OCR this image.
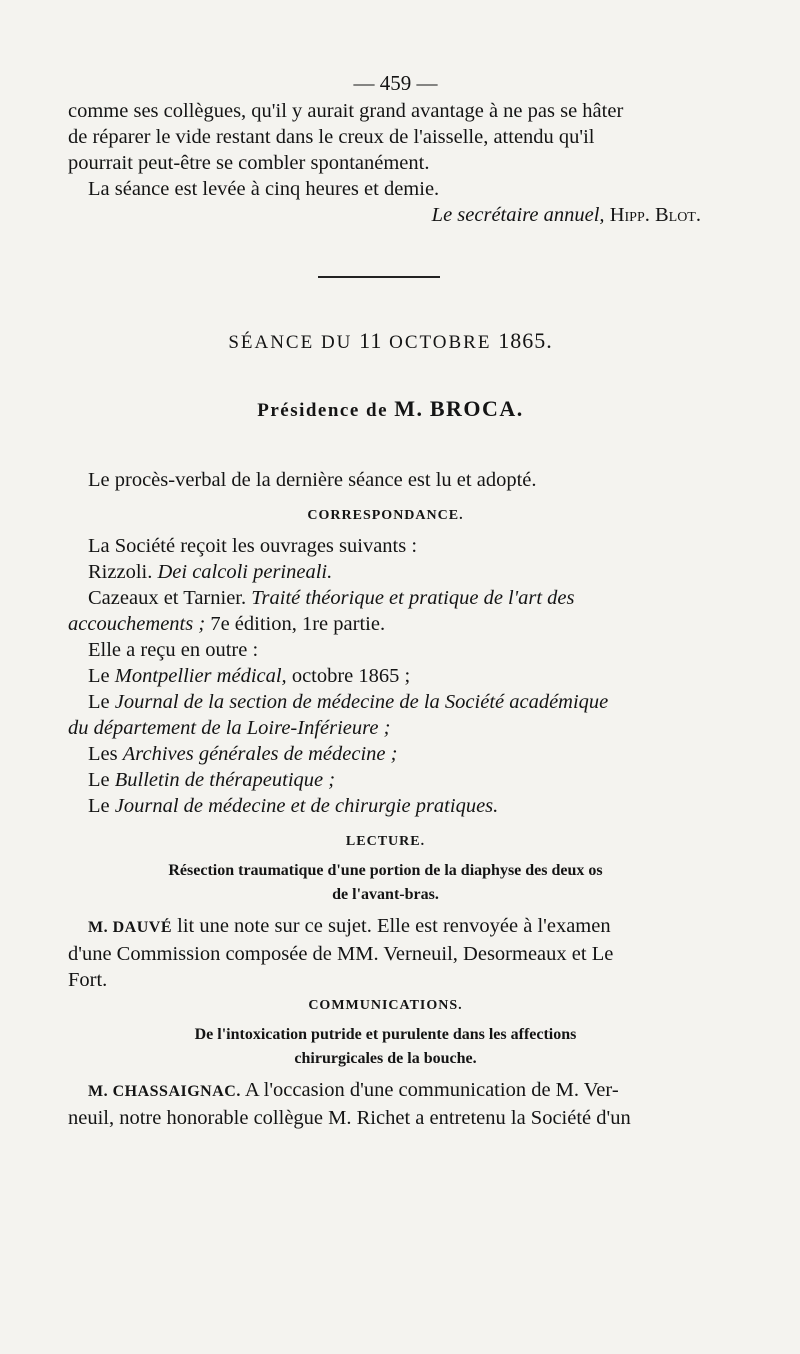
— 459 —

comme ses collègues, qu'il y aurait grand avantage à ne pas se hâter

de réparer le vide restant dans le creux de l'aisselle, attendu qu'il

pourrait peut-être se combler spontanément.

La séance est levée à cinq heures et demie.

Le secrétaire annuel, Hipp. Blot.

SÉANCE DU 11 OCTOBRE 1865.
Présidence de M. BROCA.

Le procès-verbal de la dernière séance est lu et adopté.

CORRESPONDANCE.

La Société reçoit les ouvrages suivants :

Rizzoli. Dei calcoli perineali.

Cazeaux et Tarnier. Traité théorique et pratique de l'art des

accouchements ; 7e édition, 1re partie.

Elle a reçu en outre :

Le Montpellier médical, octobre 1865 ;

Le Journal de la section de médecine de la Société académique

du département de la Loire-Inférieure ;

Les Archives générales de médecine ;

Le Bulletin de thérapeutique ;

Le Journal de médecine et de chirurgie pratiques.

LECTURE.
Résection traumatique d'une portion de la diaphyse des deux os
de l'avant-bras.

M. DAUVÉ lit une note sur ce sujet. Elle est renvoyée à l'examen

d'une Commission composée de MM. Verneuil, Desormeaux et Le

Fort.

COMMUNICATIONS.
De l'intoxication putride et purulente dans les affections
chirurgicales de la bouche.

M. CHASSAIGNAC. A l'occasion d'une communication de M. Ver-

neuil, notre honorable collègue M. Richet a entretenu la Société d'un
